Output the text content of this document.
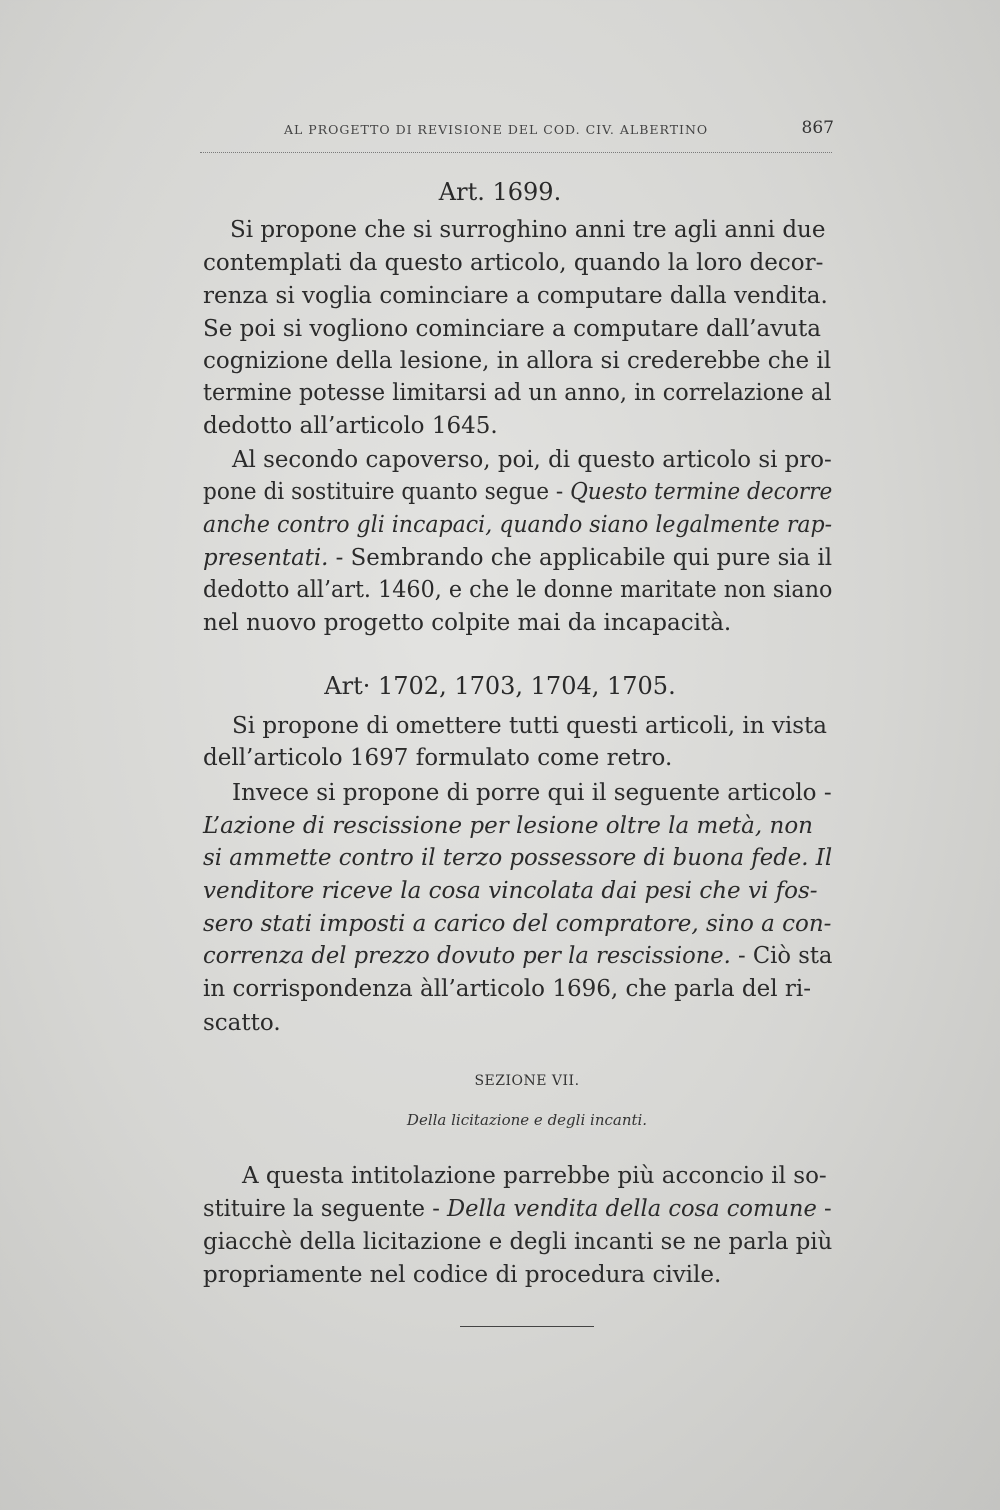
AL PROGETTO DI REVISIONE DEL COD. CIV. ALBERTINO	867
Art. 1699.
Si propone che si surroghino anni tre agli anni due
contemplati da questo articolo, quando la loro decor-
renza si voglia cominciare a computare dalla vendita.
Se poi si vogliono cominciare a computare dall’avuta
cognizione della lesione, in allora si crederebbe che il
termine potesse limitarsi ad un anno, in correlazione al
dedotto all’articolo 1645.
Al secondo capoverso, poi, di questo articolo si pro-
pone di sostituire quanto segue - Questo termine decorre
anche contro gli incapaci, quando siano legalmente rap-
presentati. - Sembrando che applicabile qui pure sia il
dedotto all’art. 1460, e che le donne maritate non siano
nel nuovo progetto colpite mai da incapacità.
Art· 1702, 1703, 1704, 1705.
Si propone di omettere tutti questi articoli, in vista
dell’articolo 1697 formulato come retro.
Invece si propone di porre qui il seguente articolo -
L’azione di rescissione per lesione oltre la metà, non
si ammette contro il terzo possessore di buona fede. Il
venditore riceve la cosa vincolata dai pesi che vi fos-
sero stati imposti a carico del compratore, sino a con-
correnza del prezzo dovuto per la rescissione. - Ciò sta
in corrispondenza àll’articolo 1696, che parla del ri-
scatto.
SEZIONE VII.
Della licitazione e degli incanti.
A questa intitolazione parrebbe più acconcio il so-
stituire la seguente - Della vendita della cosa comune -
giacchè della licitazione e degli incanti se ne parla più
propriamente nel codice di procedura civile.
